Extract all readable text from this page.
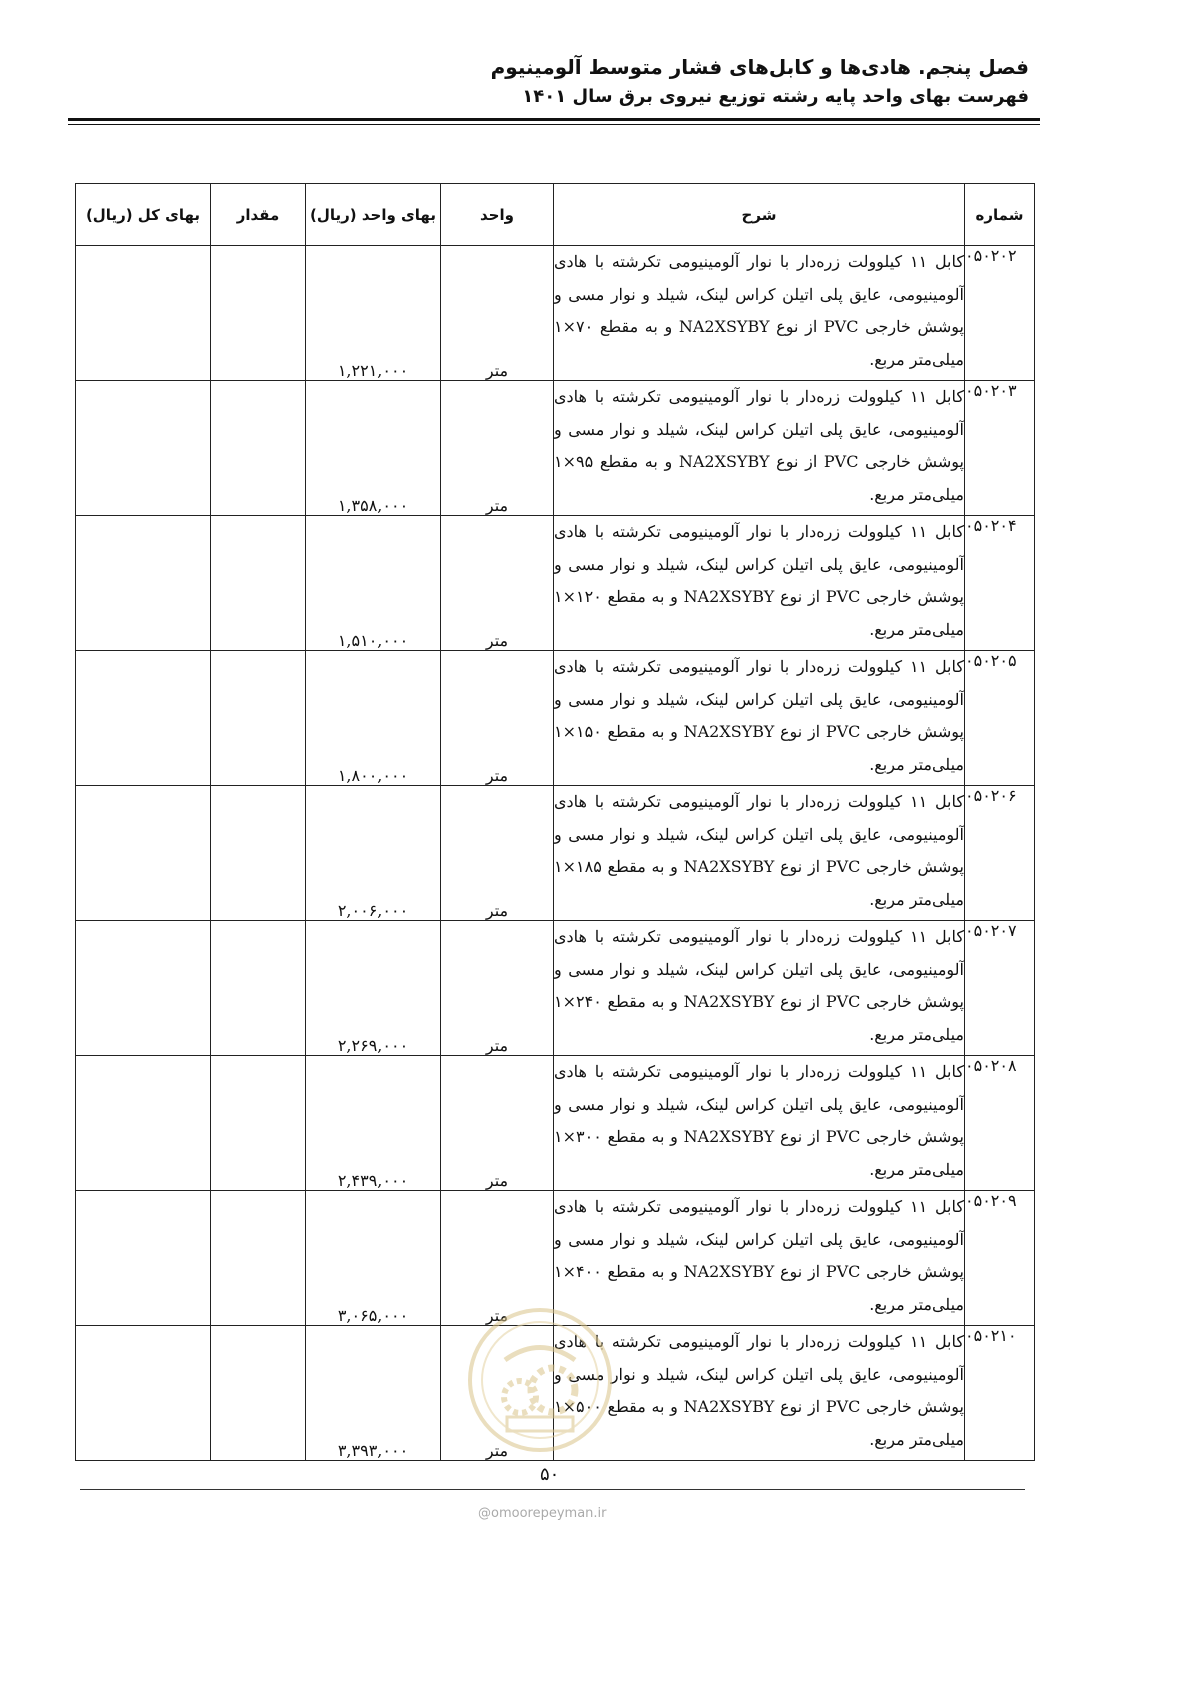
فصل پنجم. هادی‌ها و کابل‌های فشار متوسط آلومینیوم
فهرست بهای واحد پایه رشته توزیع نیروی برق سال ۱۴۰۱
شماره	شرح	واحد	بهای واحد (ریال)	مقدار	بهای کل (ریال)
۰۵۰۲۰۲	کابل ۱۱ کیلوولت زره‌دار با نوار آلومینیومی تکرشته با هادی آلومینیومی، عایق پلی اتیلن کراس لینک، شیلد و نوار مسی و پوشش خارجی PVC از نوع NA2XSYBY و به مقطع ۷۰×۱ میلی‌متر مربع.	متر	۱,۲۲۱,۰۰۰		
۰۵۰۲۰۳	کابل ۱۱ کیلوولت زره‌دار با نوار آلومینیومی تکرشته با هادی آلومینیومی، عایق پلی اتیلن کراس لینک، شیلد و نوار مسی و پوشش خارجی PVC از نوع NA2XSYBY و به مقطع ۹۵×۱ میلی‌متر مربع.	متر	۱,۳۵۸,۰۰۰		
۰۵۰۲۰۴	کابل ۱۱ کیلوولت زره‌دار با نوار آلومینیومی تکرشته با هادی آلومینیومی، عایق پلی اتیلن کراس لینک، شیلد و نوار مسی و پوشش خارجی PVC از نوع NA2XSYBY و به مقطع ۱۲۰×۱ میلی‌متر مربع.	متر	۱,۵۱۰,۰۰۰		
۰۵۰۲۰۵	کابل ۱۱ کیلوولت زره‌دار با نوار آلومینیومی تکرشته با هادی آلومینیومی، عایق پلی اتیلن کراس لینک، شیلد و نوار مسی و پوشش خارجی PVC از نوع NA2XSYBY و به مقطع ۱۵۰×۱ میلی‌متر مربع.	متر	۱,۸۰۰,۰۰۰		
۰۵۰۲۰۶	کابل ۱۱ کیلوولت زره‌دار با نوار آلومینیومی تکرشته با هادی آلومینیومی، عایق پلی اتیلن کراس لینک، شیلد و نوار مسی و پوشش خارجی PVC از نوع NA2XSYBY و به مقطع ۱۸۵×۱ میلی‌متر مربع.	متر	۲,۰۰۶,۰۰۰		
۰۵۰۲۰۷	کابل ۱۱ کیلوولت زره‌دار با نوار آلومینیومی تکرشته با هادی آلومینیومی، عایق پلی اتیلن کراس لینک، شیلد و نوار مسی و پوشش خارجی PVC از نوع NA2XSYBY و به مقطع ۲۴۰×۱ میلی‌متر مربع.	متر	۲,۲۶۹,۰۰۰		
۰۵۰۲۰۸	کابل ۱۱ کیلوولت زره‌دار با نوار آلومینیومی تکرشته با هادی آلومینیومی، عایق پلی اتیلن کراس لینک، شیلد و نوار مسی و پوشش خارجی PVC از نوع NA2XSYBY و به مقطع ۳۰۰×۱ میلی‌متر مربع.	متر	۲,۴۳۹,۰۰۰		
۰۵۰۲۰۹	کابل ۱۱ کیلوولت زره‌دار با نوار آلومینیومی تکرشته با هادی آلومینیومی، عایق پلی اتیلن کراس لینک، شیلد و نوار مسی و پوشش خارجی PVC از نوع NA2XSYBY و به مقطع ۴۰۰×۱ میلی‌متر مربع.	متر	۳,۰۶۵,۰۰۰		
۰۵۰۲۱۰	کابل ۱۱ کیلوولت زره‌دار با نوار آلومینیومی تکرشته با هادی آلومینیومی، عایق پلی اتیلن کراس لینک، شیلد و نوار مسی و پوشش خارجی PVC از نوع NA2XSYBY و به مقطع ۵۰۰×۱ میلی‌متر مربع.	متر	۳,۳۹۳,۰۰۰		
۵۰
@omoorepeyman.ir
